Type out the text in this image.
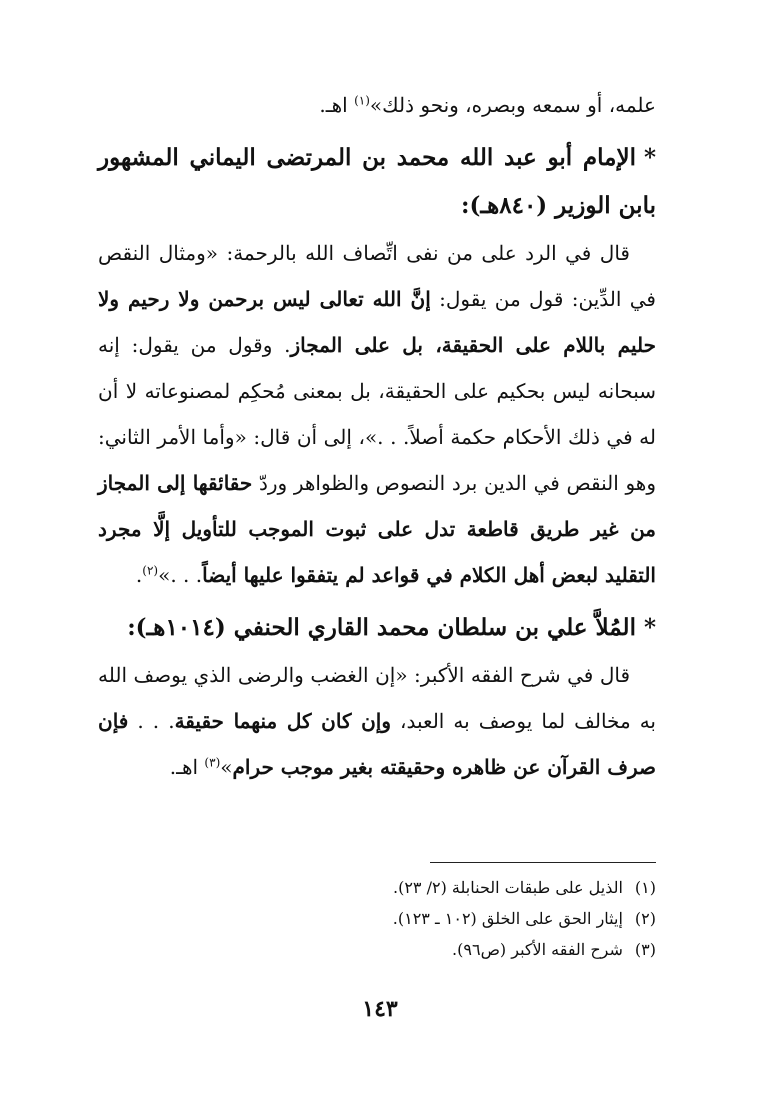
علمه، أو سمعه وبصره، ونحو ذلك»$^{(١)}$ اهـ.

*الإمام أبو عبد الله محمد بن المرتضى اليماني المشهور بابن الوزير (٨٤٠هـ):

قال في الرد على من نفى اتِّصاف الله بالرحمة: «ومثال النقص في الدِّين: قول من يقول: إنَّ الله تعالى ليس برحمن ولا رحيم ولا حليم باللام على الحقيقة، بل على المجاز. وقول من يقول: إنه سبحانه ليس بحكيم على الحقيقة، بل بمعنى مُحكِم لمصنوعاته لا أن له في ذلك الأحكام حكمة أصلاً. . .»، إلى أن قال: «وأما الأمر الثاني: وهو النقص في الدين برد النصوص والظواهر وردّ حقائقها إلى المجاز من غير طريق قاطعة تدل على ثبوت الموجب للتأويل إلَّا مجرد التقليد لبعض أهل الكلام في قواعد لم يتفقوا عليها أيضاً. . .»$^{(٢)}$.

*المُلاَّ علي بن سلطان محمد القاري الحنفي (١٠١٤هـ):

قال في شرح الفقه الأكبر: «إن الغضب والرضى الذي يوصف الله به مخالف لما يوصف به العبد، وإن كان كل منهما حقيقة. . . فإن صرف القرآن عن ظاهره وحقيقته بغير موجب حرام»$^{(٣)}$ اهـ.

(١)الذيل على طبقات الحنابلة (٢/ ٢٣).

(٢)إيثار الحق على الخلق (١٠٢ ـ ١٢٣).

(٣)شرح الفقه الأكبر (ص٩٦).

١٤٣
